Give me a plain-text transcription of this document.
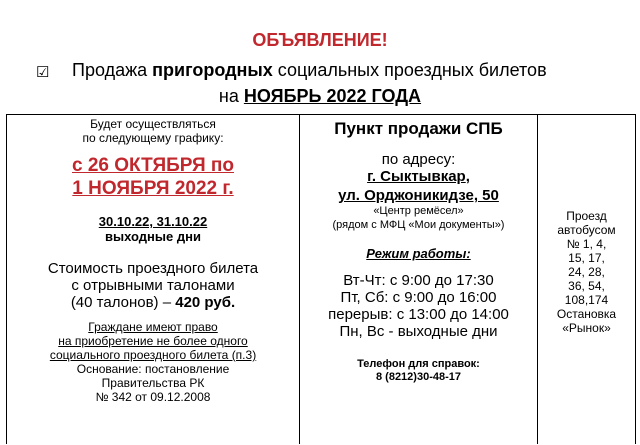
ОБЪЯВЛЕНИЕ!
☑ Продажа пригородных социальных проездных билетов
на НОЯБРЬ 2022 ГОДА
Будет осуществляться
по следующему графику:
с 26 ОКТЯБРЯ по
1 НОЯБРЯ 2022 г.
30.10.22, 31.10.22
выходные дни
Стоимость проездного билета
с отрывными талонами
(40 талонов) – 420 руб.
Граждане имеют право
на приобретение не более одного
социального проездного билета (п.3)
Основание: постановление
Правительства РК
№ 342 от 09.12.2008
Пункт продажи СПБ
по адресу:
г. Сыктывкар,
ул. Орджоникидзе, 50
«Центр ремёсел»
(рядом с МФЦ «Мои документы»)
Режим работы:
Вт-Чт: с 9:00 до 17:30
Пт, Сб: с 9:00 до 16:00
перерыв: с 13:00 до 14:00
Пн, Вс - выходные дни
Телефон для справок:
8 (8212)30-48-17
Проезд
автобусом
№ 1, 4,
15, 17,
24, 28,
36, 54,
108,174
Остановка
«Рынок»
